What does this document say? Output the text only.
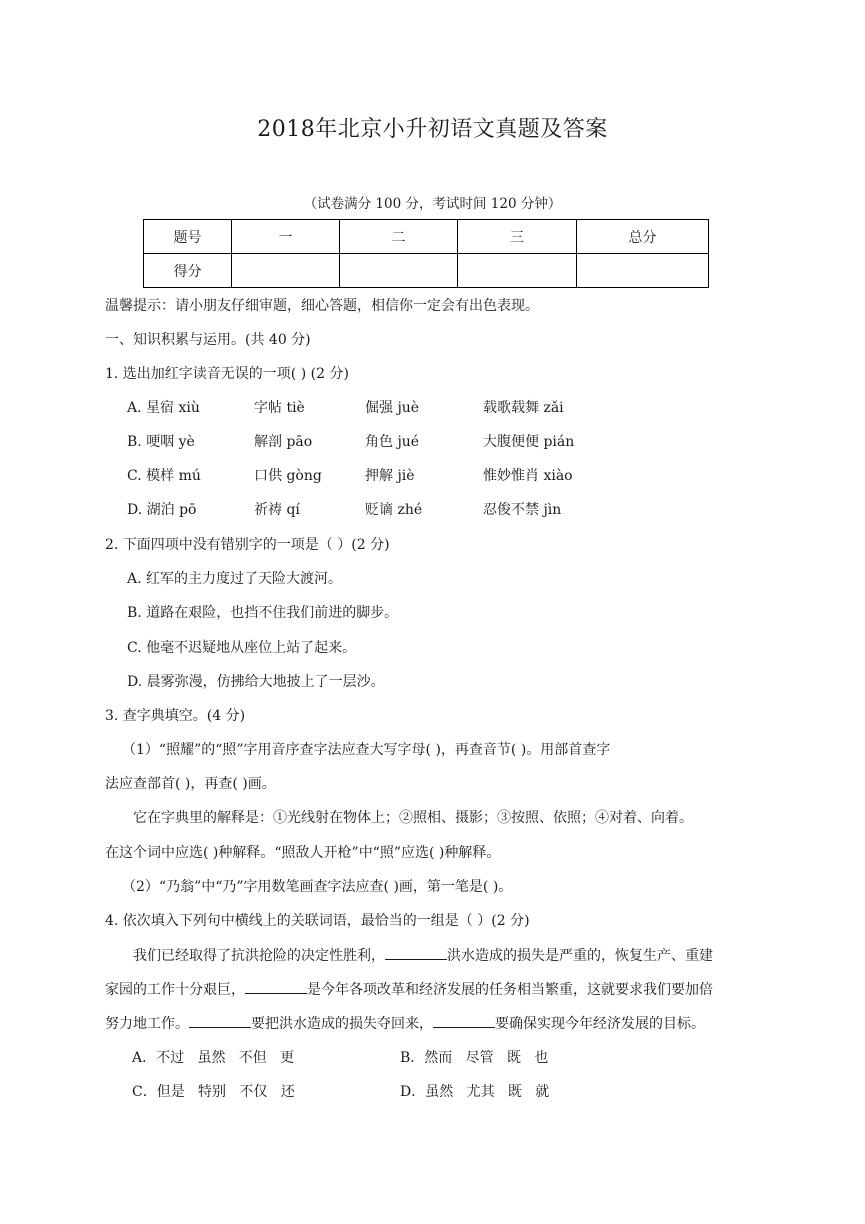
2018年北京小升初语文真题及答案
（试卷满分 100 分，考试时间 120 分钟）
题号	一	二	三	总分
得分				
温馨提示：请小朋友仔细审题，细心答题，相信你一定会有出色表现。
一、知识积累与运用。(共 40 分)
1. 选出加红字读音无误的一项( ) (2 分)
A. 星宿 xiù	字帖 tiè	倔强 juè	载歌载舞 zǎi
B. 哽咽 yè	解剖 pāo	角色 jué	大腹便便 pián
C. 模样 mú	口供 gòng	押解 jiè	惟妙惟肖 xiào
D. 湖泊 pō	祈祷 qí	贬谪 zhé	忍俊不禁 jìn
2. 下面四项中没有错别字的一项是（ ）(2 分)
A. 红军的主力度过了天险大渡河。
B. 道路在艰险，也挡不住我们前进的脚步。
C. 他毫不迟疑地从座位上站了起来。
D. 晨雾弥漫，仿拂给大地披上了一层沙。
3. 查字典填空。(4 分)
（1）“照耀”的“照”字用音序查字法应查大写字母( )，再查音节( )。用部首查字
法应查部首( )，再查( )画。
它在字典里的解释是：①光线射在物体上；②照相、摄影；③按照、依照；④对着、向着。
在这个词中应选( )种解释。“照敌人开枪”中“照”应选( )种解释。
（2）“乃翁”中“乃”字用数笔画查字法应查( )画，第一笔是( )。
4. 依次填入下列句中横线上的关联词语，最恰当的一组是（ ）(2 分)
我们已经取得了抗洪抢险的决定性胜利，	洪水造成的损失是严重的，恢复生产、重建
家园的工作十分艰巨，	是今年各项改革和经济发展的任务相当繁重，这就要求我们要加倍
努力地工作。	要把洪水造成的损失夺回来，	要确保实现今年经济发展的目标。
A．不过   虽然   不但   更	B．然而   尽管   既   也
C．但是   特别   不仅   还	D．虽然   尤其   既   就
